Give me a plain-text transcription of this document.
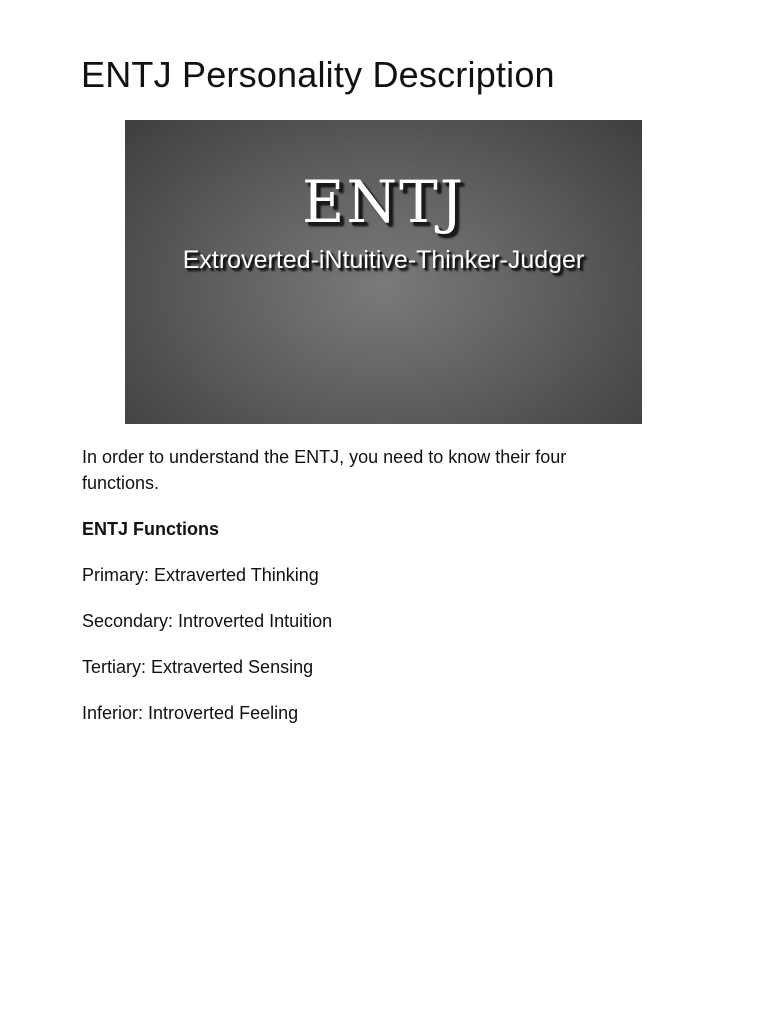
ENTJ Personality Description
ENTJ
Extroverted-iNtuitive-Thinker-Judger

In order to understand the ENTJ, you need to know their four functions.

ENTJ Functions

Primary: Extraverted Thinking

Secondary: Introverted Intuition

Tertiary: Extraverted Sensing

Inferior: Introverted Feeling
